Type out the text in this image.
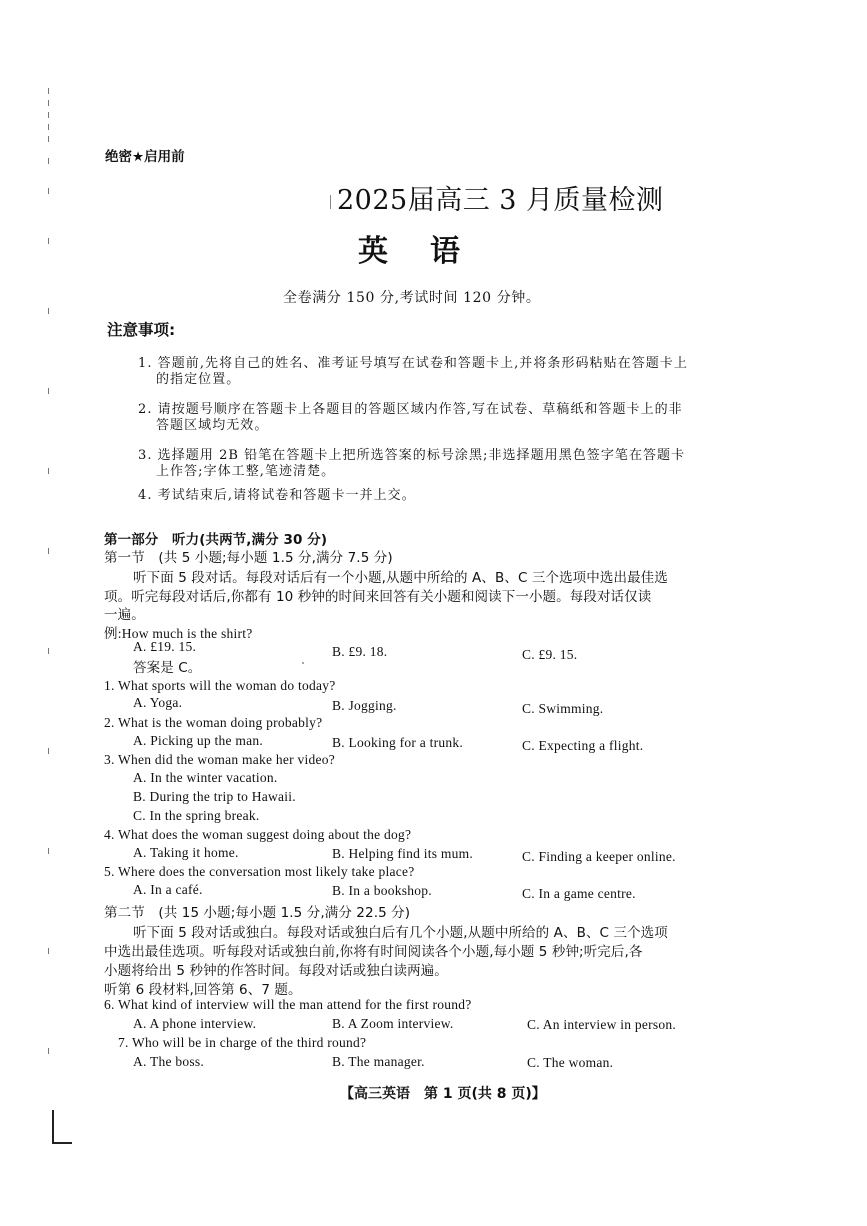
绝密★启用前
2025届高三 3 月质量检测
英语
全卷满分 150 分,考试时间 120 分钟。
注意事项:
1. 答题前,先将自己的姓名、准考证号填写在试卷和答题卡上,并将条形码粘贴在答题卡上
的指定位置。
2. 请按题号顺序在答题卡上各题目的答题区域内作答,写在试卷、草稿纸和答题卡上的非
答题区域均无效。
3. 选择题用 2B 铅笔在答题卡上把所选答案的标号涂黑;非选择题用黑色签字笔在答题卡
上作答;字体工整,笔迹清楚。
4. 考试结束后,请将试卷和答题卡一并上交。
第一部分　听力(共两节,满分 30 分)
第一节　(共 5 小题;每小题 1.5 分,满分 7.5 分)
听下面 5 段对话。每段对话后有一个小题,从题中所给的 A、B、C 三个选项中选出最佳选
项。听完每段对话后,你都有 10 秒钟的时间来回答有关小题和阅读下一小题。每段对话仅读
一遍。
例:How much is the shirt?
A. £19. 15.	B. £9. 18.	C. £9. 15.
答案是 C。
1. What sports will the woman do today?
A. Yoga.	B. Jogging.	C. Swimming.
2. What is the woman doing probably?
A. Picking up the man.	B. Looking for a trunk.	C. Expecting a flight.
3. When did the woman make her video?
A. In the winter vacation.
B. During the trip to Hawaii.
C. In the spring break.
4. What does the woman suggest doing about the dog?
A. Taking it home.	B. Helping find its mum.	C. Finding a keeper online.
5. Where does the conversation most likely take place?
A. In a café.	B. In a bookshop.	C. In a game centre.
第二节　(共 15 小题;每小题 1.5 分,满分 22.5 分)
听下面 5 段对话或独白。每段对话或独白后有几个小题,从题中所给的 A、B、C 三个选项
中选出最佳选项。听每段对话或独白前,你将有时间阅读各个小题,每小题 5 秒钟;听完后,各
小题将给出 5 秒钟的作答时间。每段对话或独白读两遍。
听第 6 段材料,回答第 6、7 题。
6. What kind of interview will the man attend for the first round?
A. A phone interview.	B. A Zoom interview.	C. An interview in person.
7. Who will be in charge of the third round?
A. The boss.	B. The manager.	C. The woman.
【高三英语　第 1 页(共 8 页)】
